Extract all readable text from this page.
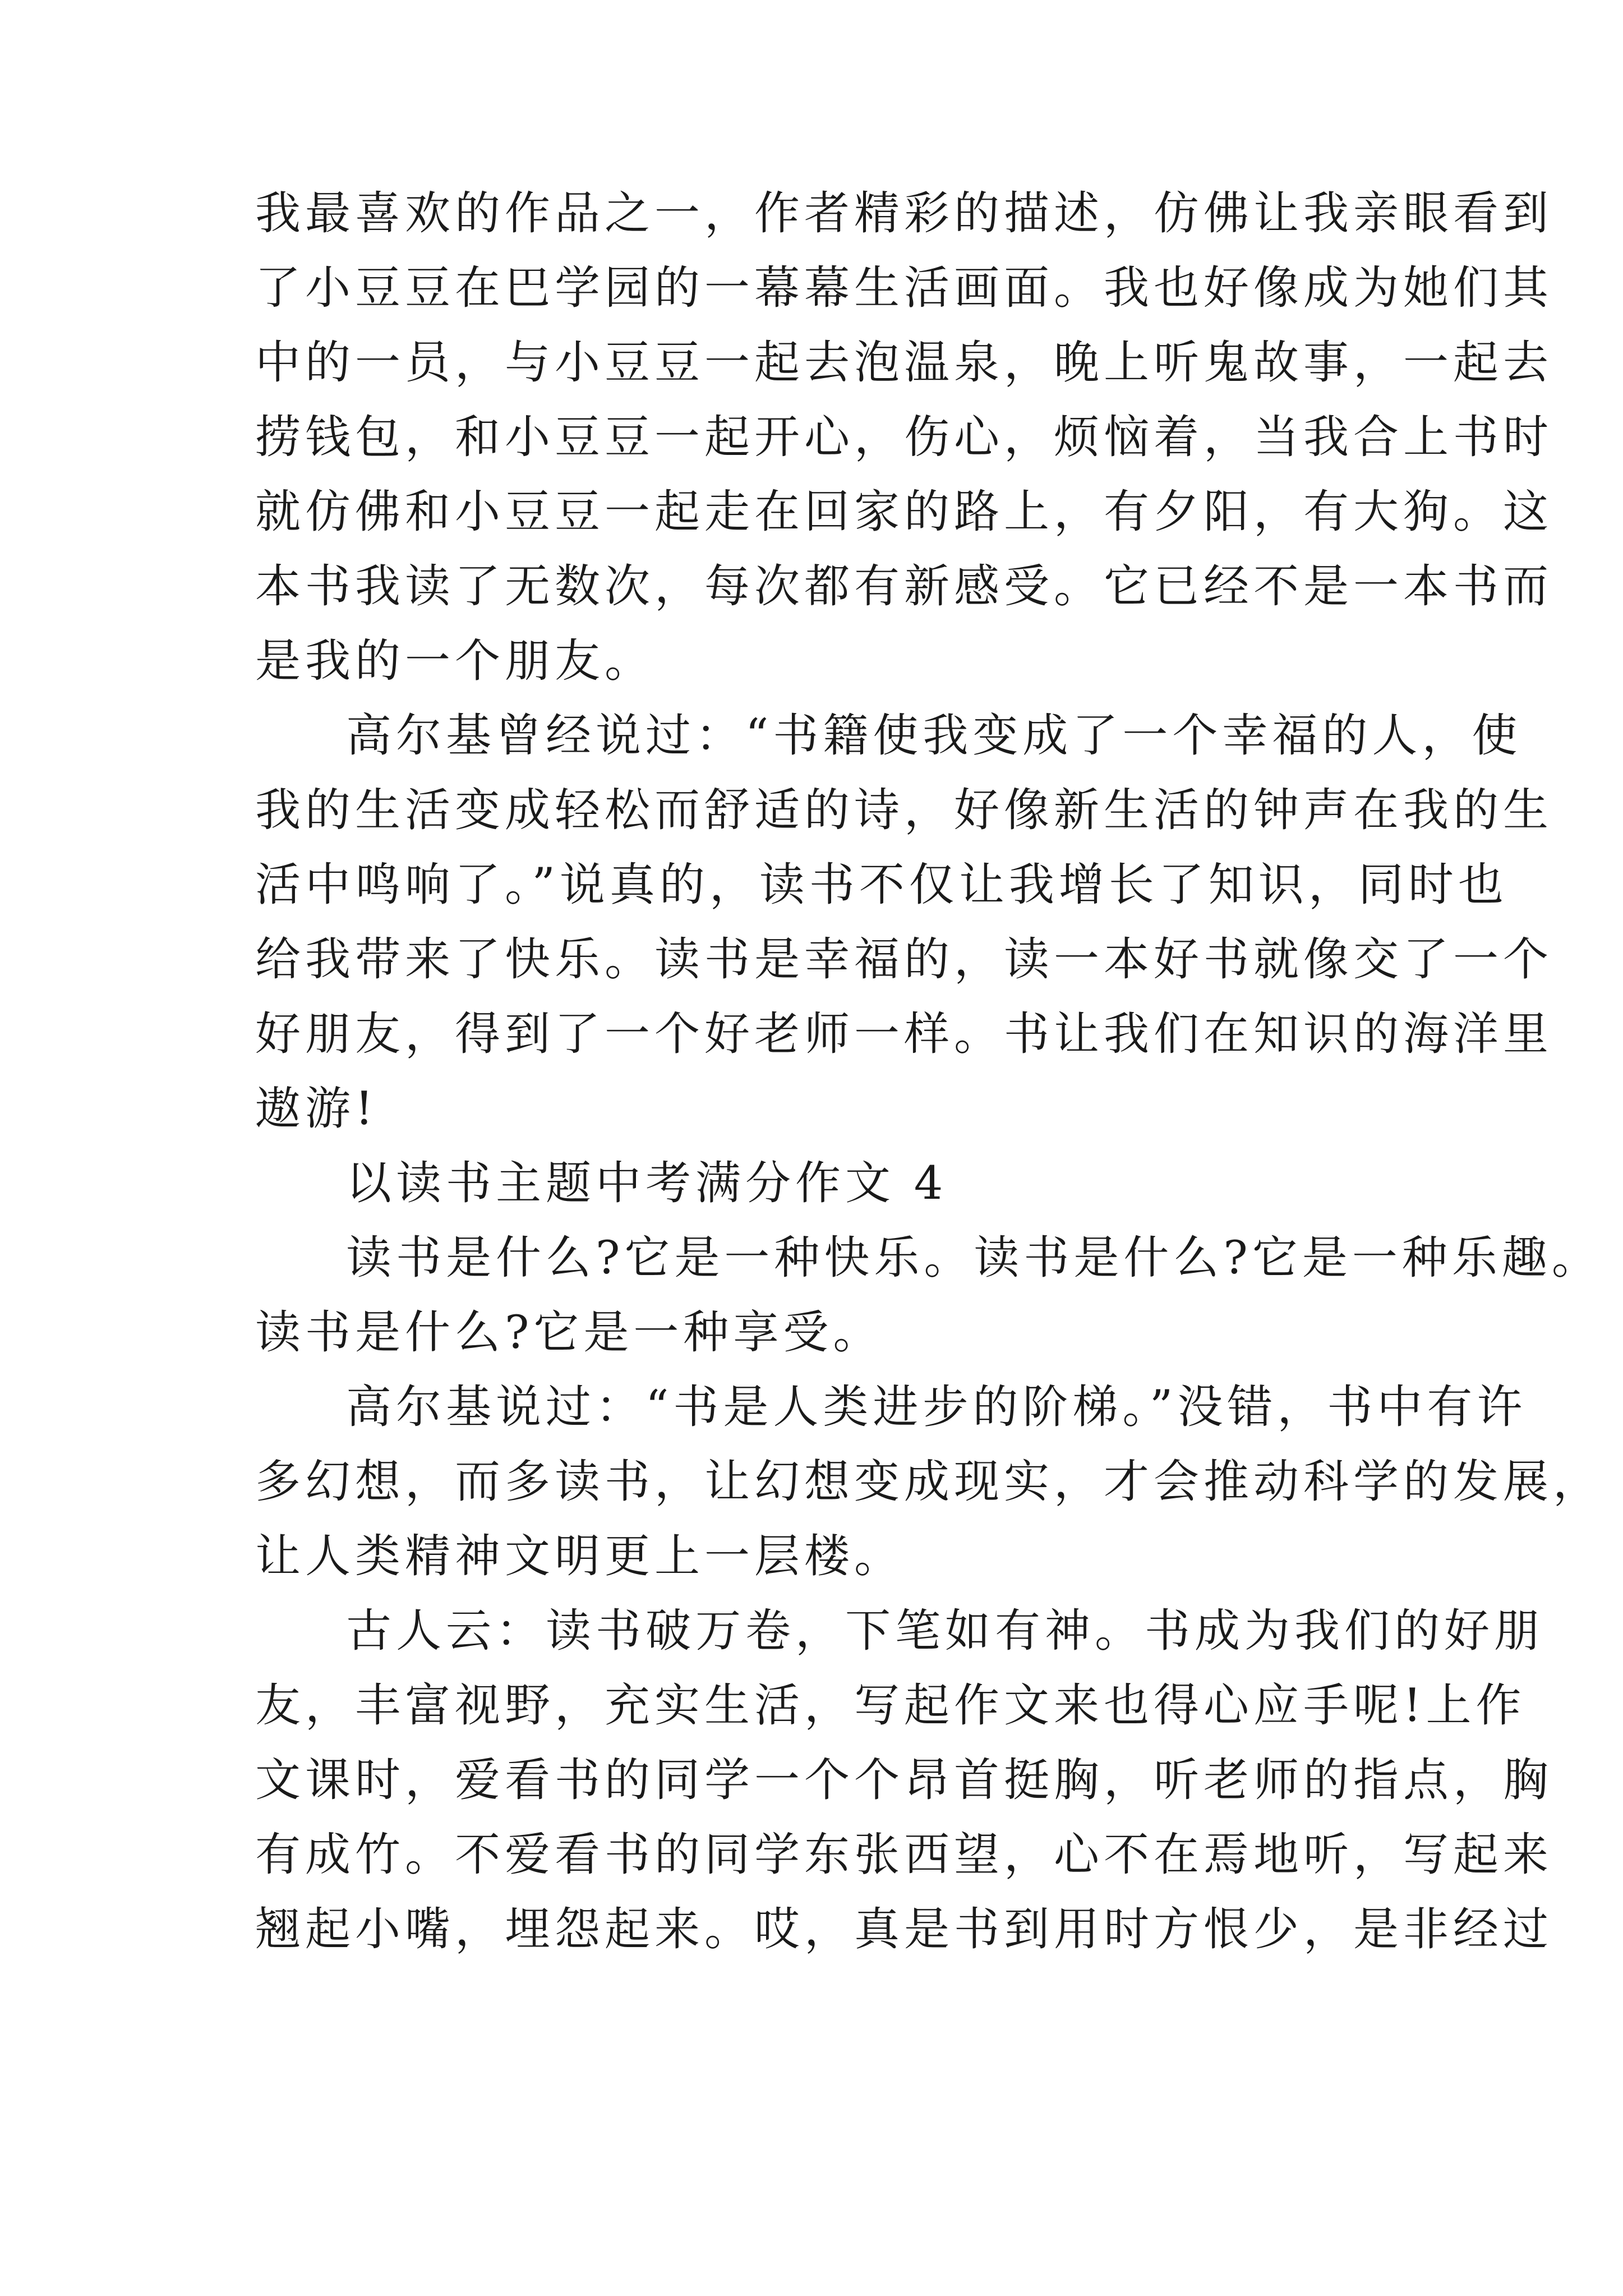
我最喜欢的作品之一，作者精彩的描述，仿佛让我亲眼看到
了小豆豆在巴学园的一幕幕生活画面。我也好像成为她们其
中的一员，与小豆豆一起去泡温泉，晚上听鬼故事，一起去
捞钱包，和小豆豆一起开心，伤心，烦恼着，当我合上书时
就仿佛和小豆豆一起走在回家的路上，有夕阳，有大狗。这
本书我读了无数次，每次都有新感受。它已经不是一本书而
是我的一个朋友。

高尔基曾经说过：“书籍使我变成了一个幸福的人，使
我的生活变成轻松而舒适的诗，好像新生活的钟声在我的生
活中鸣响了。”说真的，读书不仅让我增长了知识，同时也
给我带来了快乐。读书是幸福的，读一本好书就像交了一个
好朋友，得到了一个好老师一样。书让我们在知识的海洋里
遨游!

以读书主题中考满分作文 4

读书是什么?它是一种快乐。读书是什么?它是一种乐趣。
读书是什么?它是一种享受。

高尔基说过：“书是人类进步的阶梯。”没错，书中有许
多幻想，而多读书，让幻想变成现实，才会推动科学的发展，
让人类精神文明更上一层楼。

古人云：读书破万卷，下笔如有神。书成为我们的好朋
友，丰富视野，充实生活，写起作文来也得心应手呢!上作
文课时，爱看书的同学一个个昂首挺胸，听老师的指点，胸
有成竹。不爱看书的同学东张西望，心不在焉地听，写起来
翘起小嘴，埋怨起来。哎，真是书到用时方恨少，是非经过
